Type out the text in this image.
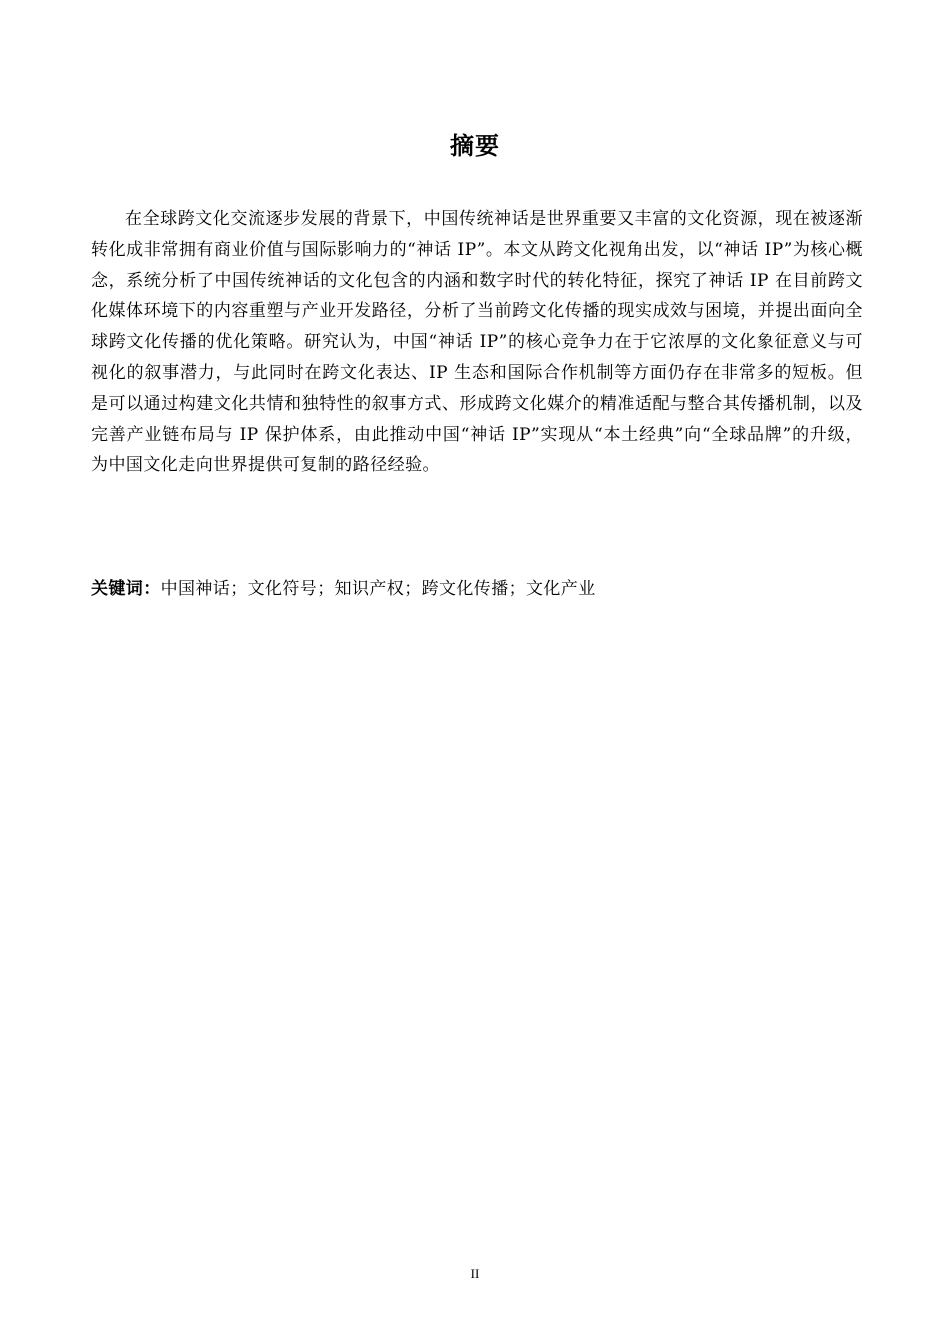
摘要

在全球跨文化交流逐步发展的背景下，中国传统神话是世界重要又丰富的文化资源，现在被逐渐转化成非常拥有商业价值与国际影响力的“神话 IP”。本文从跨文化视角出发，以“神话 IP”为核心概念，系统分析了中国传统神话的文化包含的内涵和数字时代的转化特征，探究了神话 IP 在目前跨文化媒体环境下的内容重塑与产业开发路径，分析了当前跨文化传播的现实成效与困境，并提出面向全球跨文化传播的优化策略。研究认为，中国“神话 IP”的核心竞争力在于它浓厚的文化象征意义与可视化的叙事潜力，与此同时在跨文化表达、IP 生态和国际合作机制等方面仍存在非常多的短板。但是可以通过构建文化共情和独特性的叙事方式、形成跨文化媒介的精准适配与整合其传播机制，以及完善产业链布局与 IP 保护体系，由此推动中国“神话 IP”实现从“本土经典”向“全球品牌”的升级，为中国文化走向世界提供可复制的路径经验。

关键词：中国神话；文化符号；知识产权；跨文化传播；文化产业
II
